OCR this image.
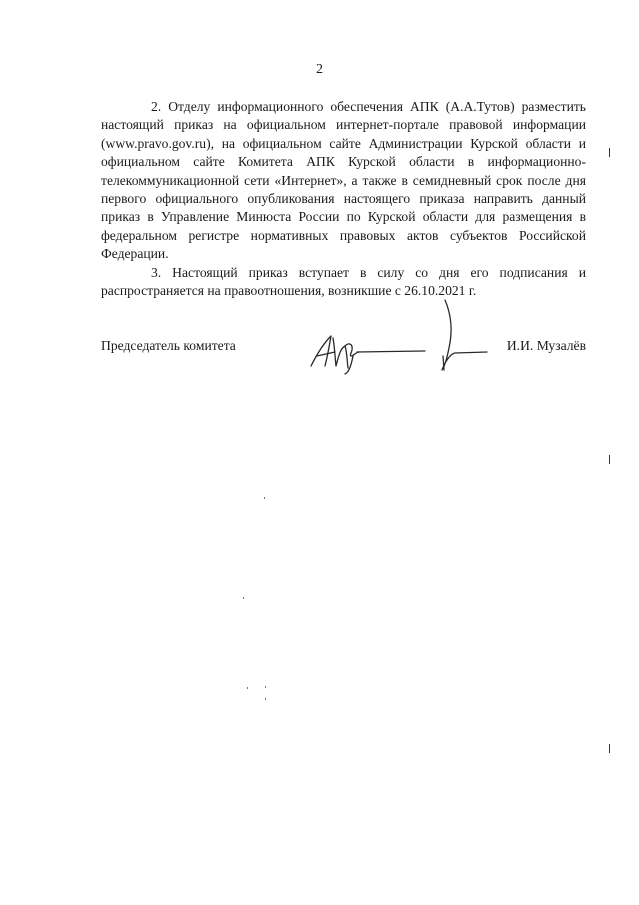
2

2. Отделу информационного обеспечения АПК (А.А.Тутов) разместить настоящий приказ на официальном интернет-портале правовой информации (www.pravo.gov.ru), на официальном сайте Администрации Курской области и официальном сайте Комитета АПК Курской области в информационно-телекоммуникационной сети «Интернет», а также в семидневный срок после дня первого официального опубликования настоящего приказа направить данный приказ в Управление Минюста России по Курской области для размещения в федеральном регистре нормативных правовых актов субъектов Российской Федерации.

3. Настоящий приказ вступает в силу со дня его подписания и распространяется на правоотношения, возникшие с 26.10.2021 г.

Председатель комитета	И.И. Музалёв
